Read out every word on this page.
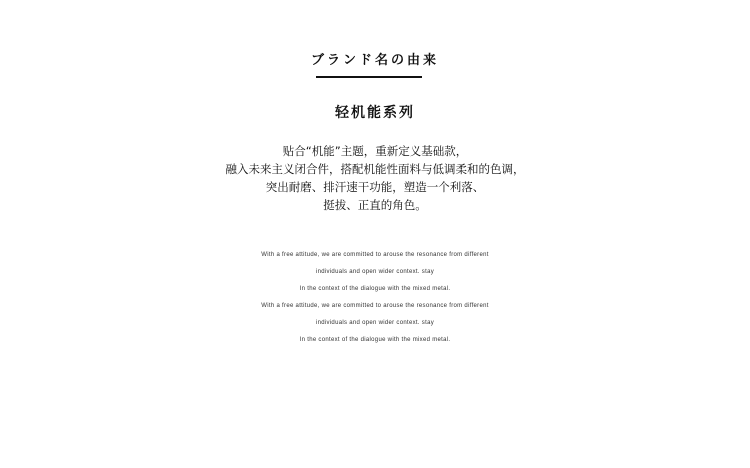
ブランド名の由来
轻机能系列
贴合“机能”主题，重新定义基础款，
融入未来主义闭合件，搭配机能性面料与低调柔和的色调，
突出耐磨、排汗速干功能，塑造一个利落、
挺拔、正直的角色。
With a free attitude, we are committed to arouse the resonance from different
individuals and open wider context. stay
In the context of the dialogue with the mixed metal.
With a free attitude, we are committed to arouse the resonance from different
individuals and open wider context. stay
In the context of the dialogue with the mixed metal.
